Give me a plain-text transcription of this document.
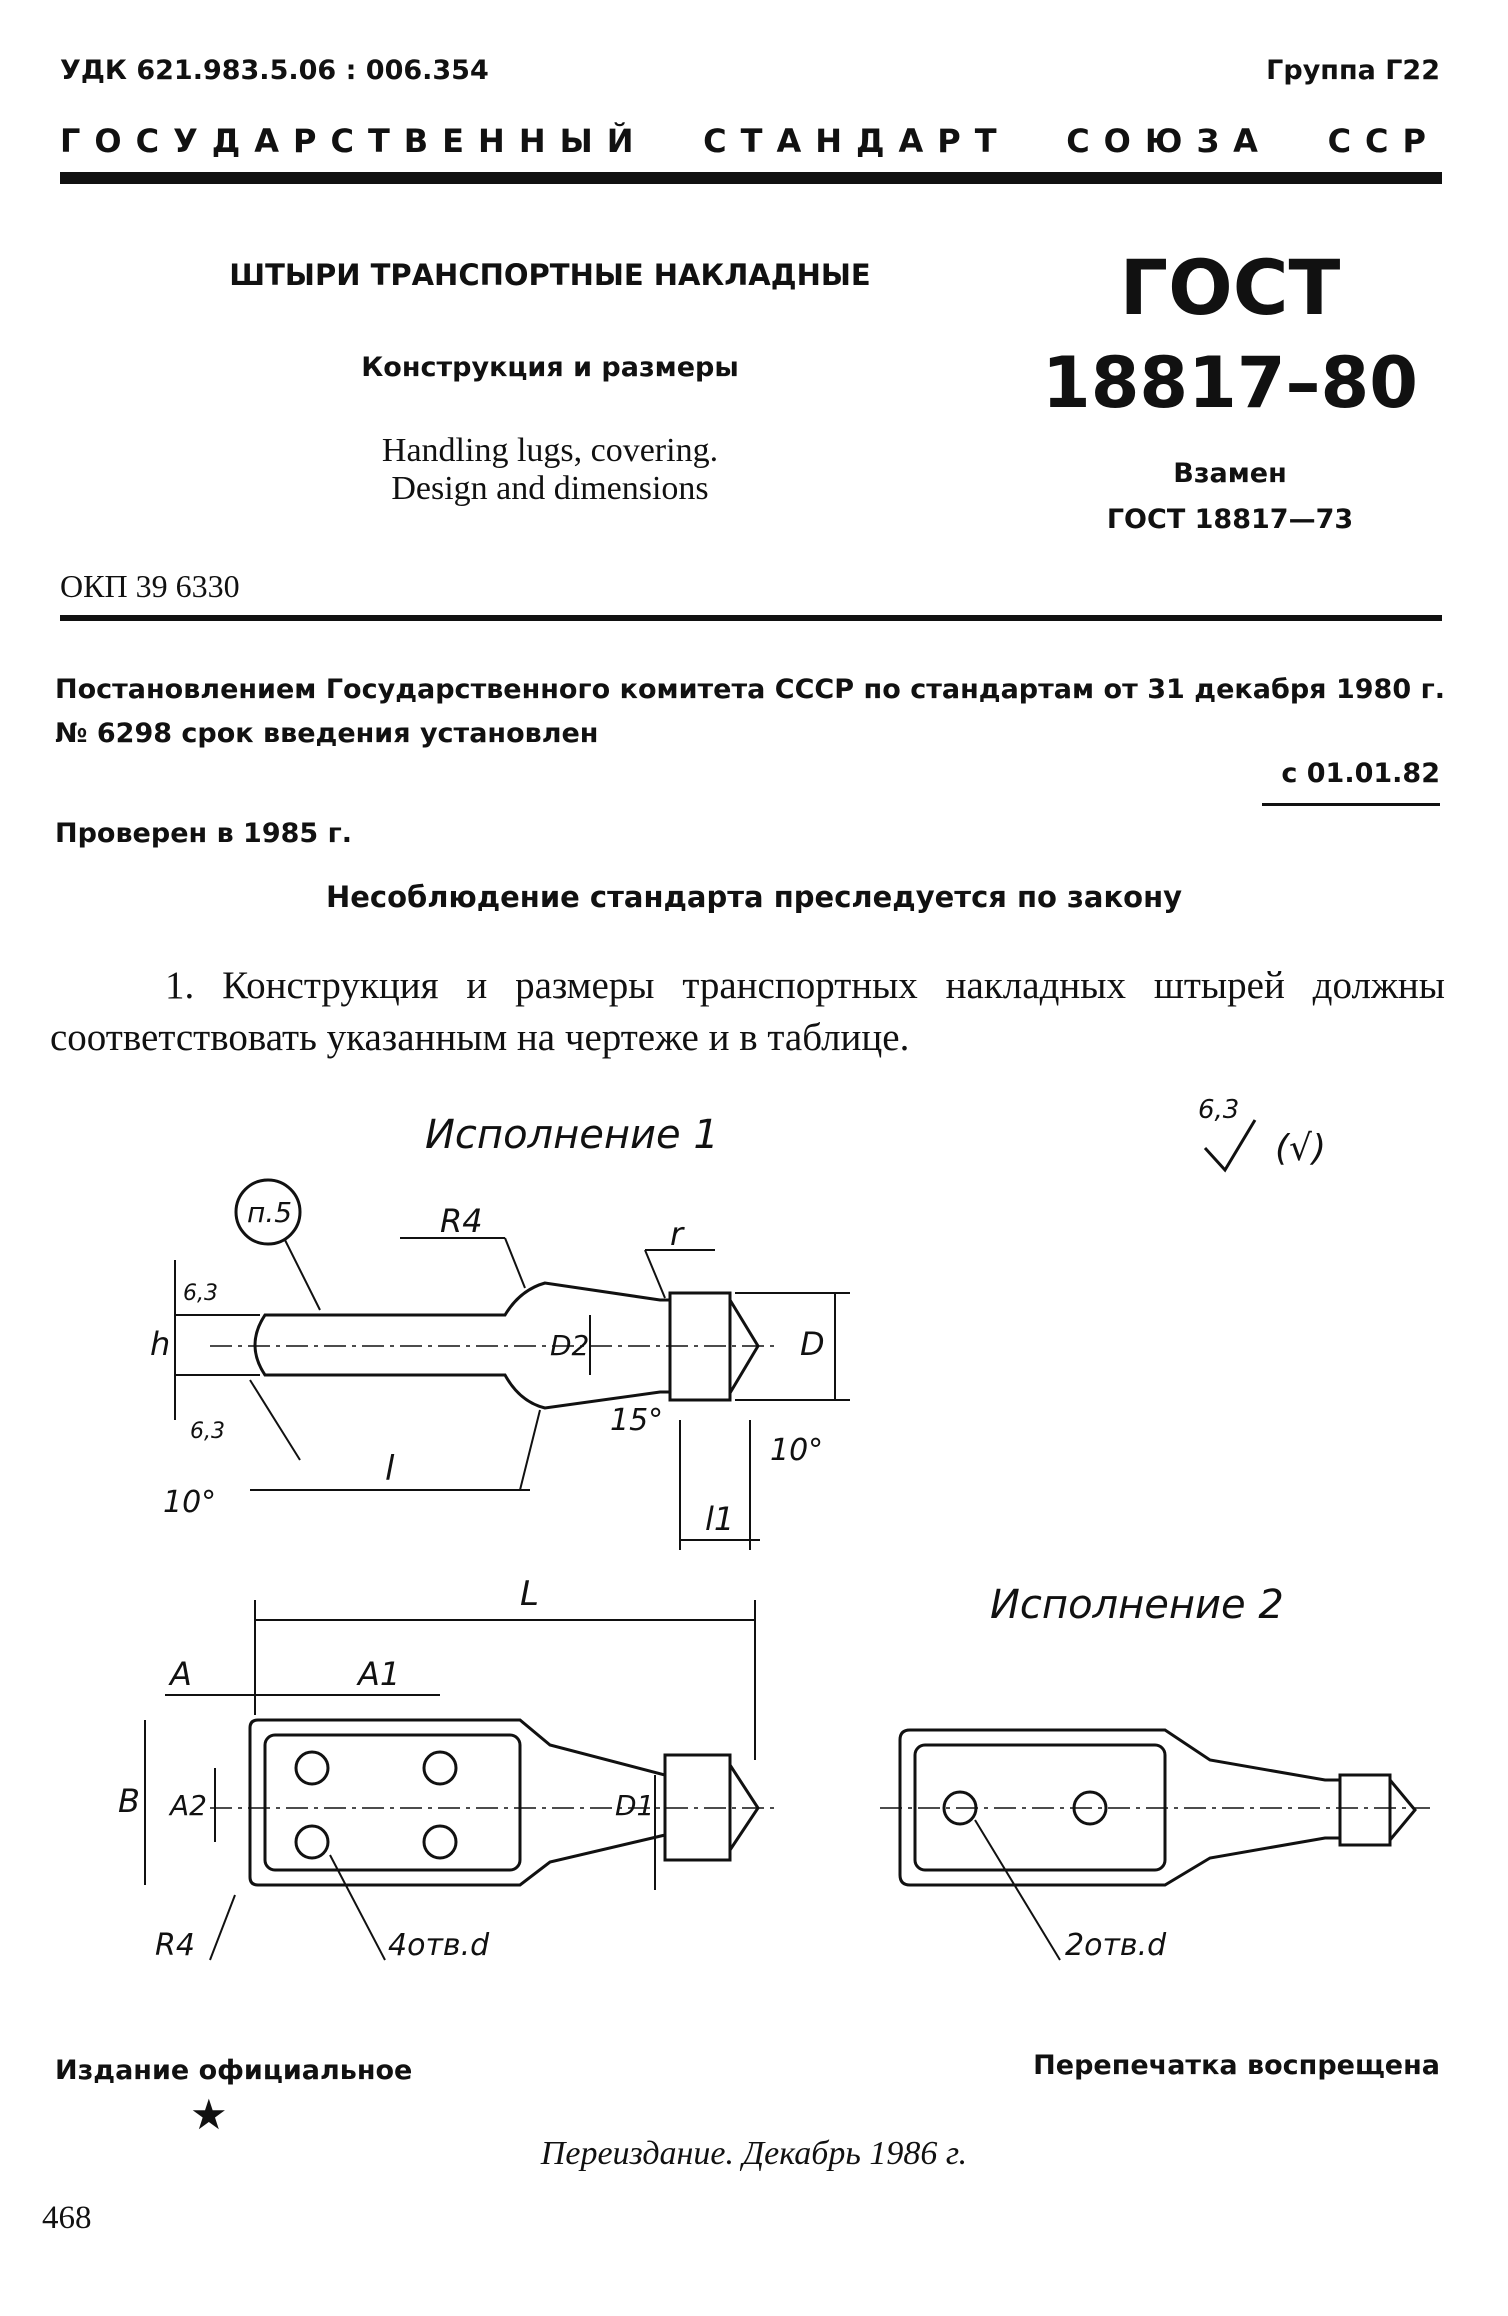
УДК 621.983.5.06 : 006.354	Группа Г22
ГОСУДАРСТВЕННЫЙ СТАНДАРТ СОЮЗА ССР
ШТЫРИ ТРАНСПОРТНЫЕ НАКЛАДНЫЕ
Конструкция и размеры
Handling lugs, covering.
Design and dimensions
ГОСТ
18817–80
Взамен
ГОСТ 18817—73
ОКП 39 6330
Постановлением Государственного комитета СССР по стандартам от 31 декабря 1980 г. № 6298 срок введения установлен
с 01.01.82
Проверен в 1985 г.
Несоблюдение стандарта преследуется по закону
1. Конструкция и размеры транспортных накладных штырей должны соответствовать указанным на чертеже и в таблице.
Исполнение 1
Исполнение 2
6,3
(√)
п.5	R4	r
h	D2	D
6,3
6,3
10°
15°
10°
l
l1
L
A	A1
B A2	D1
R4	4отв.d	2отв.d
Издание официальное	Перепечатка воспрещена
★
Переиздание. Декабрь 1986 г.
468
